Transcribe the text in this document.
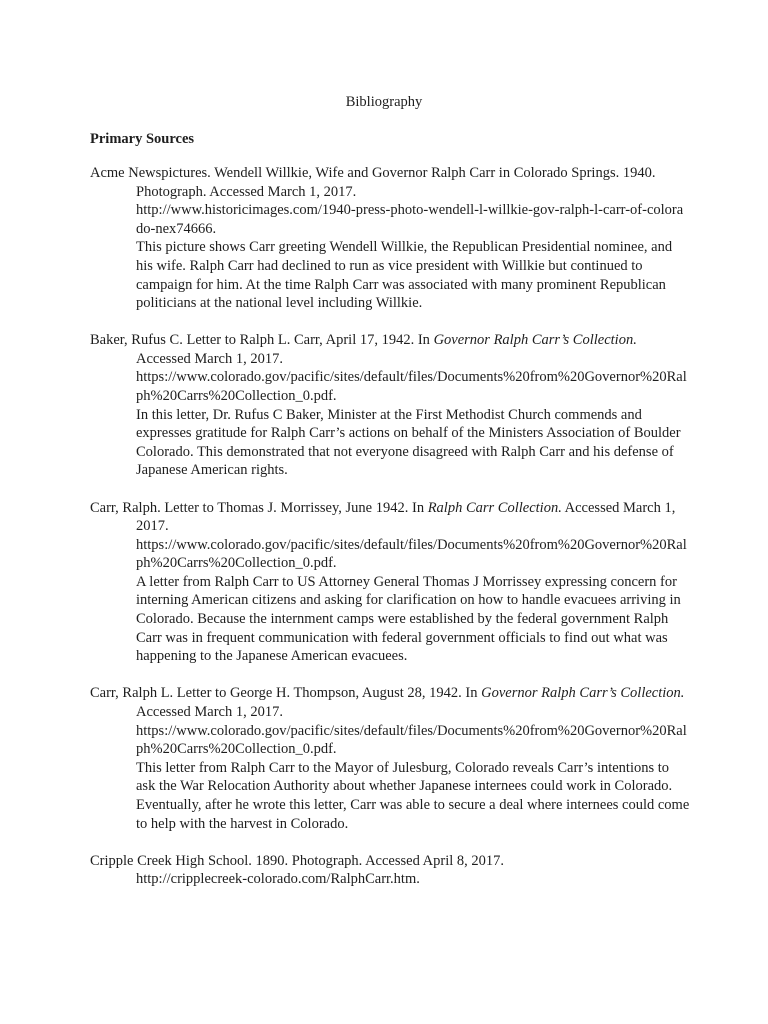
Bibliography
Primary Sources
Acme Newspictures. Wendell Willkie, Wife and Governor Ralph Carr in Colorado Springs. 1940. Photograph. Accessed March 1, 2017.
http://www.historicimages.com/1940-press-photo-wendell-l-willkie-gov-ralph-l-carr-of-colorado-nex74666.
This picture shows Carr greeting Wendell Willkie, the Republican Presidential nominee, and his wife. Ralph Carr had declined to run as vice president with Willkie but continued to campaign for him. At the time Ralph Carr was associated with many prominent Republican politicians at the national level including Willkie.
Baker, Rufus C. Letter to Ralph L. Carr, April 17, 1942. In Governor Ralph Carr’s Collection. Accessed March 1, 2017.
https://www.colorado.gov/pacific/sites/default/files/Documents%20from%20Governor%20Ralph%20Carrs%20Collection_0.pdf.
In this letter, Dr. Rufus C Baker, Minister at the First Methodist Church commends and expresses gratitude for Ralph Carr’s actions on behalf of the Ministers Association of Boulder Colorado. This demonstrated that not everyone disagreed with Ralph Carr and his defense of Japanese American rights.
Carr, Ralph. Letter to Thomas J. Morrissey, June 1942. In Ralph Carr Collection. Accessed March 1, 2017.
https://www.colorado.gov/pacific/sites/default/files/Documents%20from%20Governor%20Ralph%20Carrs%20Collection_0.pdf.
A letter from Ralph Carr to US Attorney General Thomas J Morrissey expressing concern for interning American citizens and asking for clarification on how to handle evacuees arriving in Colorado. Because the internment camps were established by the federal government Ralph Carr was in frequent communication with federal government officials to find out what was happening to the Japanese American evacuees.
Carr, Ralph L. Letter to George H. Thompson, August 28, 1942. In Governor Ralph Carr’s Collection. Accessed March 1, 2017.
https://www.colorado.gov/pacific/sites/default/files/Documents%20from%20Governor%20Ralph%20Carrs%20Collection_0.pdf.
This letter from Ralph Carr to the Mayor of Julesburg, Colorado reveals Carr’s intentions to ask the War Relocation Authority about whether Japanese internees could work in Colorado. Eventually, after he wrote this letter, Carr was able to secure a deal where internees could come to help with the harvest in Colorado.
Cripple Creek High School. 1890. Photograph. Accessed April 8, 2017.
http://cripplecreek-colorado.com/RalphCarr.htm.
